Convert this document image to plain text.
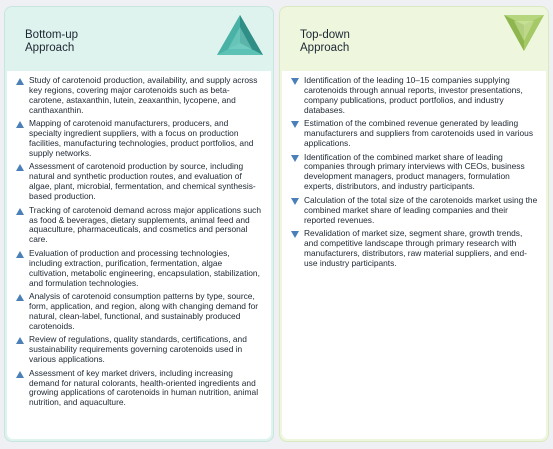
Bottom-up
Approach
Study of carotenoid production, availability, and supply across key regions, covering major carotenoids such as beta-carotene, astaxanthin, lutein, zeaxanthin, lycopene, and canthaxanthin.
Mapping of carotenoid manufacturers, producers, and specialty ingredient suppliers, with a focus on production facilities, manufacturing technologies, product portfolios, and supply networks.
Assessment of carotenoid production by source, including natural and synthetic production routes, and evaluation of algae, plant, microbial, fermentation, and chemical synthesis-based production.
Tracking of carotenoid demand across major applications such as food & beverages, dietary supplements, animal feed and aquaculture, pharmaceuticals, and cosmetics and personal care.
Evaluation of production and processing technologies, including extraction, purification, fermentation, algae cultivation, metabolic engineering, encapsulation, stabilization, and formulation technologies.
Analysis of carotenoid consumption patterns by type, source, form, application, and region, along with changing demand for natural, clean-label, functional, and sustainably produced carotenoids.
Review of regulations, quality standards, certifications, and sustainability requirements governing carotenoids used in various applications.
Assessment of key market drivers, including increasing demand for natural colorants, health-oriented ingredients and growing applications of carotenoids in human nutrition, animal nutrition, and aquaculture.
Top-down
Approach
Identification of the leading 10–15 companies supplying carotenoids through annual reports, investor presentations, company publications, product portfolios, and industry databases.
Estimation of the combined revenue generated by leading manufacturers and suppliers from carotenoids used in various applications.
Identification of the combined market share of leading companies through primary interviews with CEOs, business development managers, product managers, formulation experts, distributors, and industry participants.
Calculation of the total size of the carotenoids market using the combined market share of leading companies and their reported revenues.
Revalidation of market size, segment share, growth trends, and competitive landscape through primary research with manufacturers, distributors, raw material suppliers, and end-use industry participants.
